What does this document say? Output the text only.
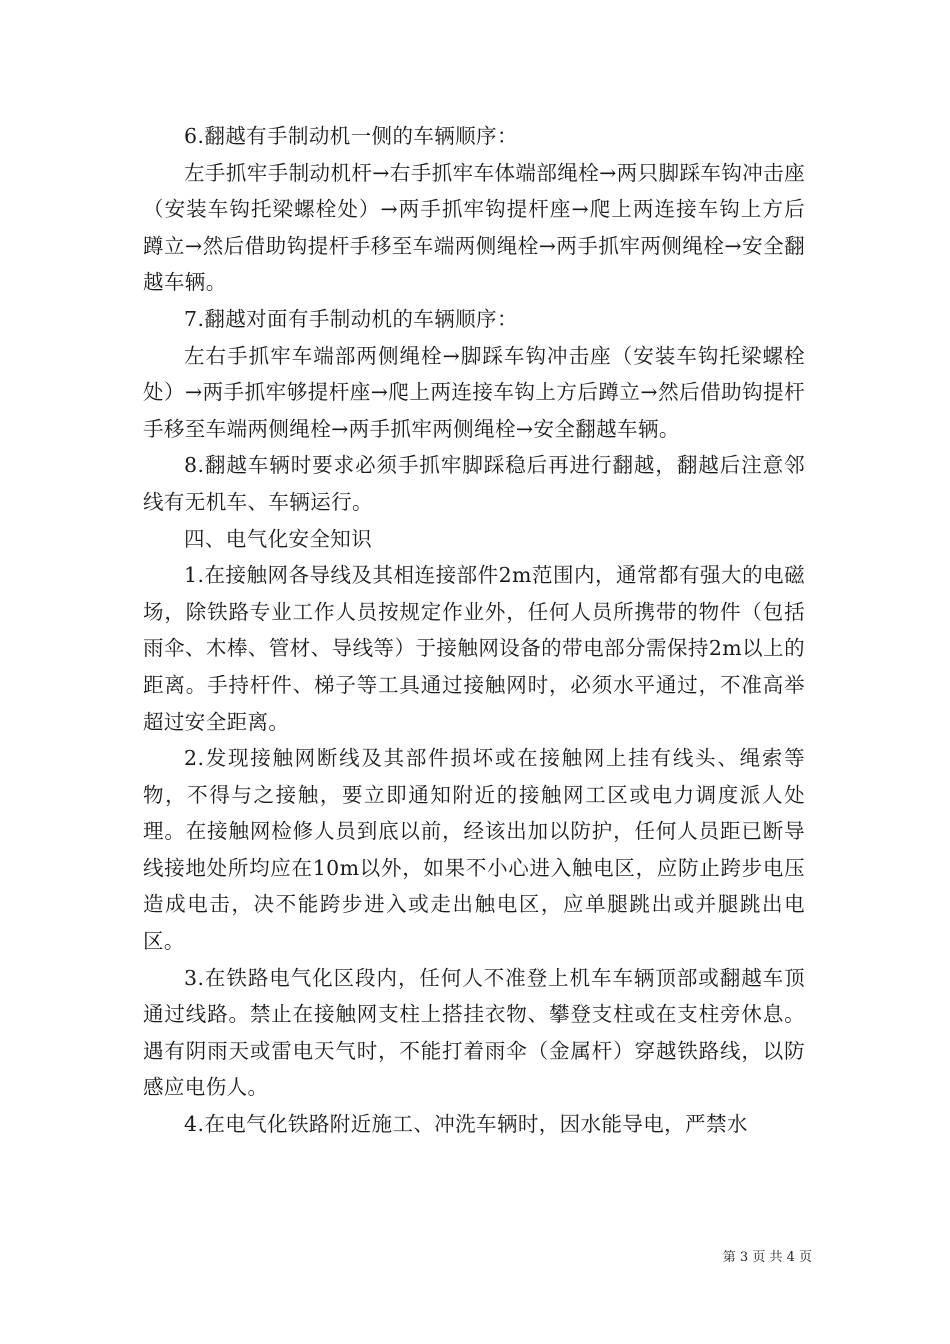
6.翻越有手制动机一侧的车辆顺序：

左手抓牢手制动机杆→右手抓牢车体端部绳栓→两只脚踩车钩冲击座（安装车钩托梁螺栓处）→两手抓牢钩提杆座→爬上两连接车钩上方后蹲立→然后借助钩提杆手移至车端两侧绳栓→两手抓牢两侧绳栓→安全翻越车辆。

7.翻越对面有手制动机的车辆顺序：

左右手抓牢车端部两侧绳栓→脚踩车钩冲击座（安装车钩托梁螺栓处）→两手抓牢够提杆座→爬上两连接车钩上方后蹲立→然后借助钩提杆手移至车端两侧绳栓→两手抓牢两侧绳栓→安全翻越车辆。

8.翻越车辆时要求必须手抓牢脚踩稳后再进行翻越，翻越后注意邻线有无机车、车辆运行。

四、电气化安全知识

1.在接触网各导线及其相连接部件2m范围内，通常都有强大的电磁场，除铁路专业工作人员按规定作业外，任何人员所携带的物件（包括雨伞、木棒、管材、导线等）于接触网设备的带电部分需保持2m以上的距离。手持杆件、梯子等工具通过接触网时，必须水平通过，不准高举超过安全距离。

2.发现接触网断线及其部件损坏或在接触网上挂有线头、绳索等物，不得与之接触，要立即通知附近的接触网工区或电力调度派人处理。在接触网检修人员到底以前，经该出加以防护，任何人员距已断导线接地处所均应在10m以外，如果不小心进入触电区，应防止跨步电压造成电击，决不能跨步进入或走出触电区，应单腿跳出或并腿跳出电区。

3.在铁路电气化区段内，任何人不准登上机车车辆顶部或翻越车顶通过线路。禁止在接触网支柱上搭挂衣物、攀登支柱或在支柱旁休息。遇有阴雨天或雷电天气时，不能打着雨伞（金属杆）穿越铁路线，以防感应电伤人。

4.在电气化铁路附近施工、冲洗车辆时，因水能导电，严禁水

第 3 页 共 4 页
